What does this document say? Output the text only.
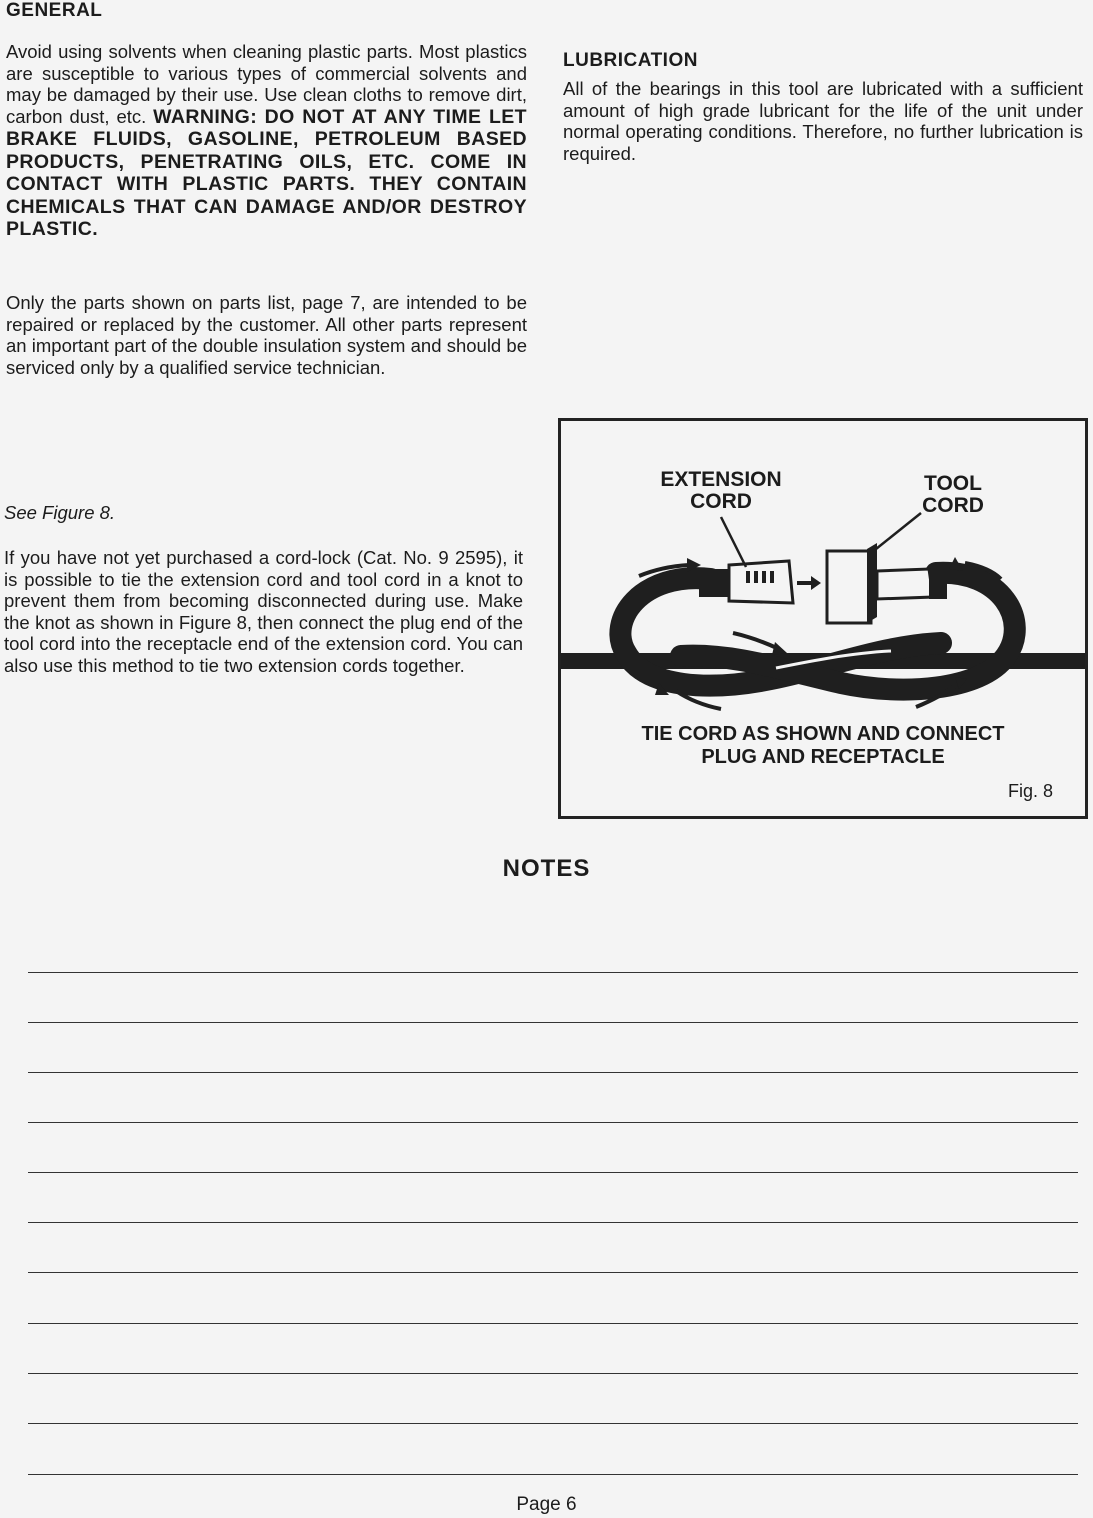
GENERAL

Avoid using solvents when cleaning plastic parts. Most plastics are susceptible to various types of commercial solvents and may be damaged by their use. Use clean cloths to remove dirt, carbon dust, etc. WARNING: DO NOT AT ANY TIME LET BRAKE FLUIDS, GASOLINE, PETROLEUM BASED PRODUCTS, PENETRATING OILS, ETC. COME IN CONTACT WITH PLASTIC PARTS. THEY CONTAIN CHEMICALS THAT CAN DAMAGE AND/OR DESTROY PLASTIC.

Only the parts shown on parts list, page 7, are intended to be repaired or replaced by the customer. All other parts represent an important part of the double insulation system and should be serviced only by a qualified service technician.

See Figure 8.

If you have not yet purchased a cord-lock (Cat. No. 9 2595), it is possible to tie the extension cord and tool cord in a knot to prevent them from becoming disconnected during use. Make the knot as shown in Figure 8, then connect the plug end of the tool cord into the receptacle end of the extension cord. You can also use this method to tie two extension cords together.

LUBRICATION

All of the bearings in this tool are lubricated with a sufficient amount of high grade lubricant for the life of the unit under normal operating conditions. Therefore, no further lubrication is required.

EXTENSION CORD
TOOL CORD
TIE CORD AS SHOWN AND CONNECT
PLUG AND RECEPTACLE
Fig. 8
NOTES
Page 6
